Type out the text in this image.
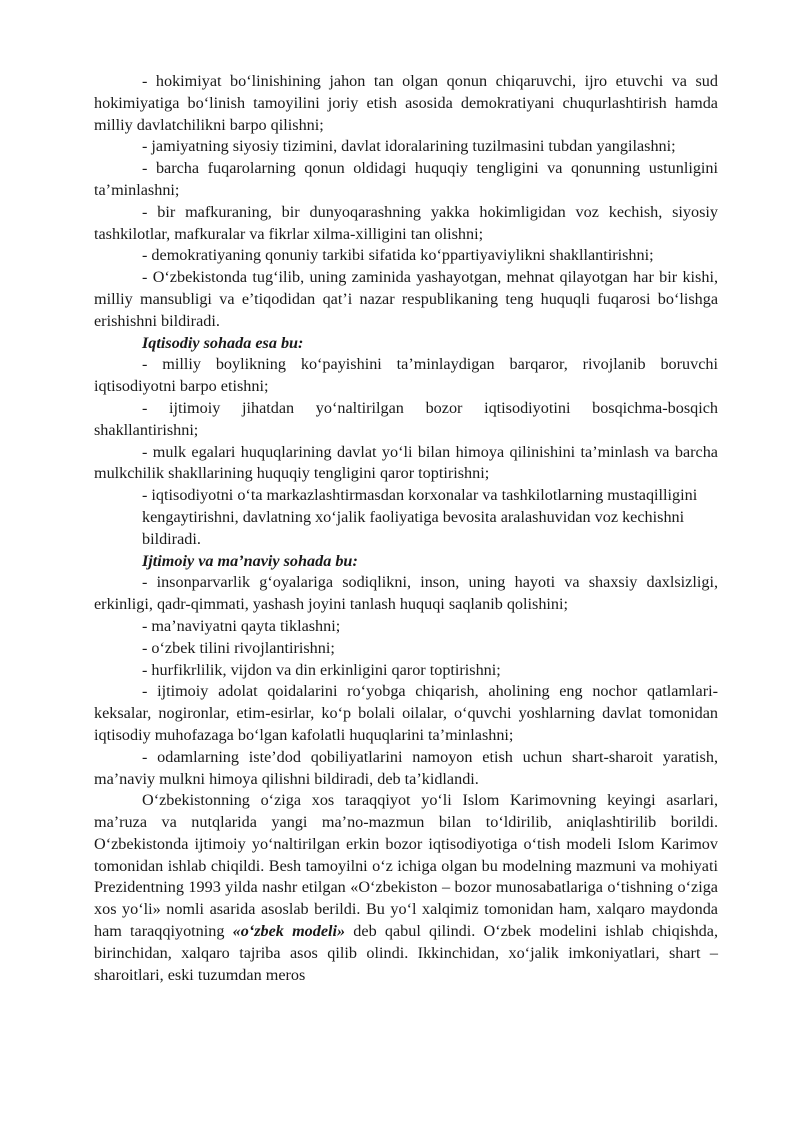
- hokimiyat bo‘linishining jahon tan olgan qonun chiqaruvchi, ijro etuvchi va sud hokimiyatiga bo‘linish tamoyilini joriy etish asosida demokratiyani chuqurlashtirish hamda milliy davlatchilikni barpo qilishni;

- jamiyatning siyosiy tizimini, davlat idoralarining tuzilmasini tubdan yangilashni;

- barcha fuqarolarning qonun oldidagi huquqiy tengligini va qonunning ustunligini ta’minlashni;

- bir mafkuraning, bir dunyoqarashning yakka hokimligidan voz kechish, siyosiy tashkilotlar, mafkuralar va fikrlar xilma-xilligini tan olishni;

- demokratiyaning qonuniy tarkibi sifatida ko‘ppartiyaviylikni shakllantirishni;

- O‘zbekistonda tug‘ilib, uning zaminida yashayotgan, mehnat qilayotgan har bir kishi, milliy mansubligi va e’tiqodidan qat’i nazar respublikaning teng huquqli fuqarosi bo‘lishga erishishni bildiradi.

Iqtisodiy sohada esa bu:

- milliy boylikning ko‘payishini ta’minlaydigan barqaror, rivojlanib boruvchi iqtisodiyotni barpo etishni;

- ijtimoiy jihatdan yo‘naltirilgan bozor iqtisodiyotini bosqichma-bosqich shakllantirishni;

- mulk egalari huquqlarining davlat yo‘li bilan himoya qilinishini ta’minlash va barcha mulkchilik shakllarining huquqiy tengligini qaror toptirishni;

- iqtisodiyotni o‘ta markazlashtirmasdan korxonalar va tashkilotlarning mustaqilligini kengaytirishni, davlatning xo‘jalik faoliyatiga bevosita aralashuvidan voz kechishni bildiradi.

Ijtimoiy va ma’naviy sohada bu:

- insonparvarlik g‘oyalariga sodiqlikni, inson, uning hayoti va shaxsiy daxlsizligi, erkinligi, qadr-qimmati, yashash joyini tanlash huquqi saqlanib qolishini;

- ma’naviyatni qayta tiklashni;

- o‘zbek tilini rivojlantirishni;

- hurfikrlilik, vijdon va din erkinligini qaror toptirishni;

- ijtimoiy adolat qoidalarini ro‘yobga chiqarish, aholining eng nochor qatlamlari-keksalar, nogironlar, etim-esirlar, ko‘p bolali oilalar, o‘quvchi yoshlarning davlat tomonidan iqtisodiy muhofazaga bo‘lgan kafolatli huquqlarini ta’minlashni;

- odamlarning iste’dod qobiliyatlarini namoyon etish uchun shart-sharoit yaratish, ma’naviy mulkni himoya qilishni bildiradi, deb ta’kidlandi.

O‘zbekistonning o‘ziga xos taraqqiyot yo‘li Islom Karimovning keyingi asarlari, ma’ruza va nutqlarida yangi ma’no-mazmun bilan to‘ldirilib, aniqlashtirilib borildi. O‘zbekistonda ijtimoiy yo‘naltirilgan erkin bozor iqtisodiyotiga o‘tish modeli Islom Karimov tomonidan ishlab chiqildi. Besh tamoyilni o‘z ichiga olgan bu modelning mazmuni va mohiyati Prezidentning 1993 yilda nashr etilgan «O‘zbekiston – bozor munosabatlariga o‘tishning o‘ziga xos yo‘li» nomli asarida asoslab berildi. Bu yo‘l xalqimiz tomonidan ham, xalqaro maydonda ham taraqqiyotning «o‘zbek modeli» deb qabul qilindi. O‘zbek modelini ishlab chiqishda, birinchidan, xalqaro tajriba asos qilib olindi. Ikkinchidan, xo‘jalik imkoniyatlari, shart – sharoitlari, eski tuzumdan meros
